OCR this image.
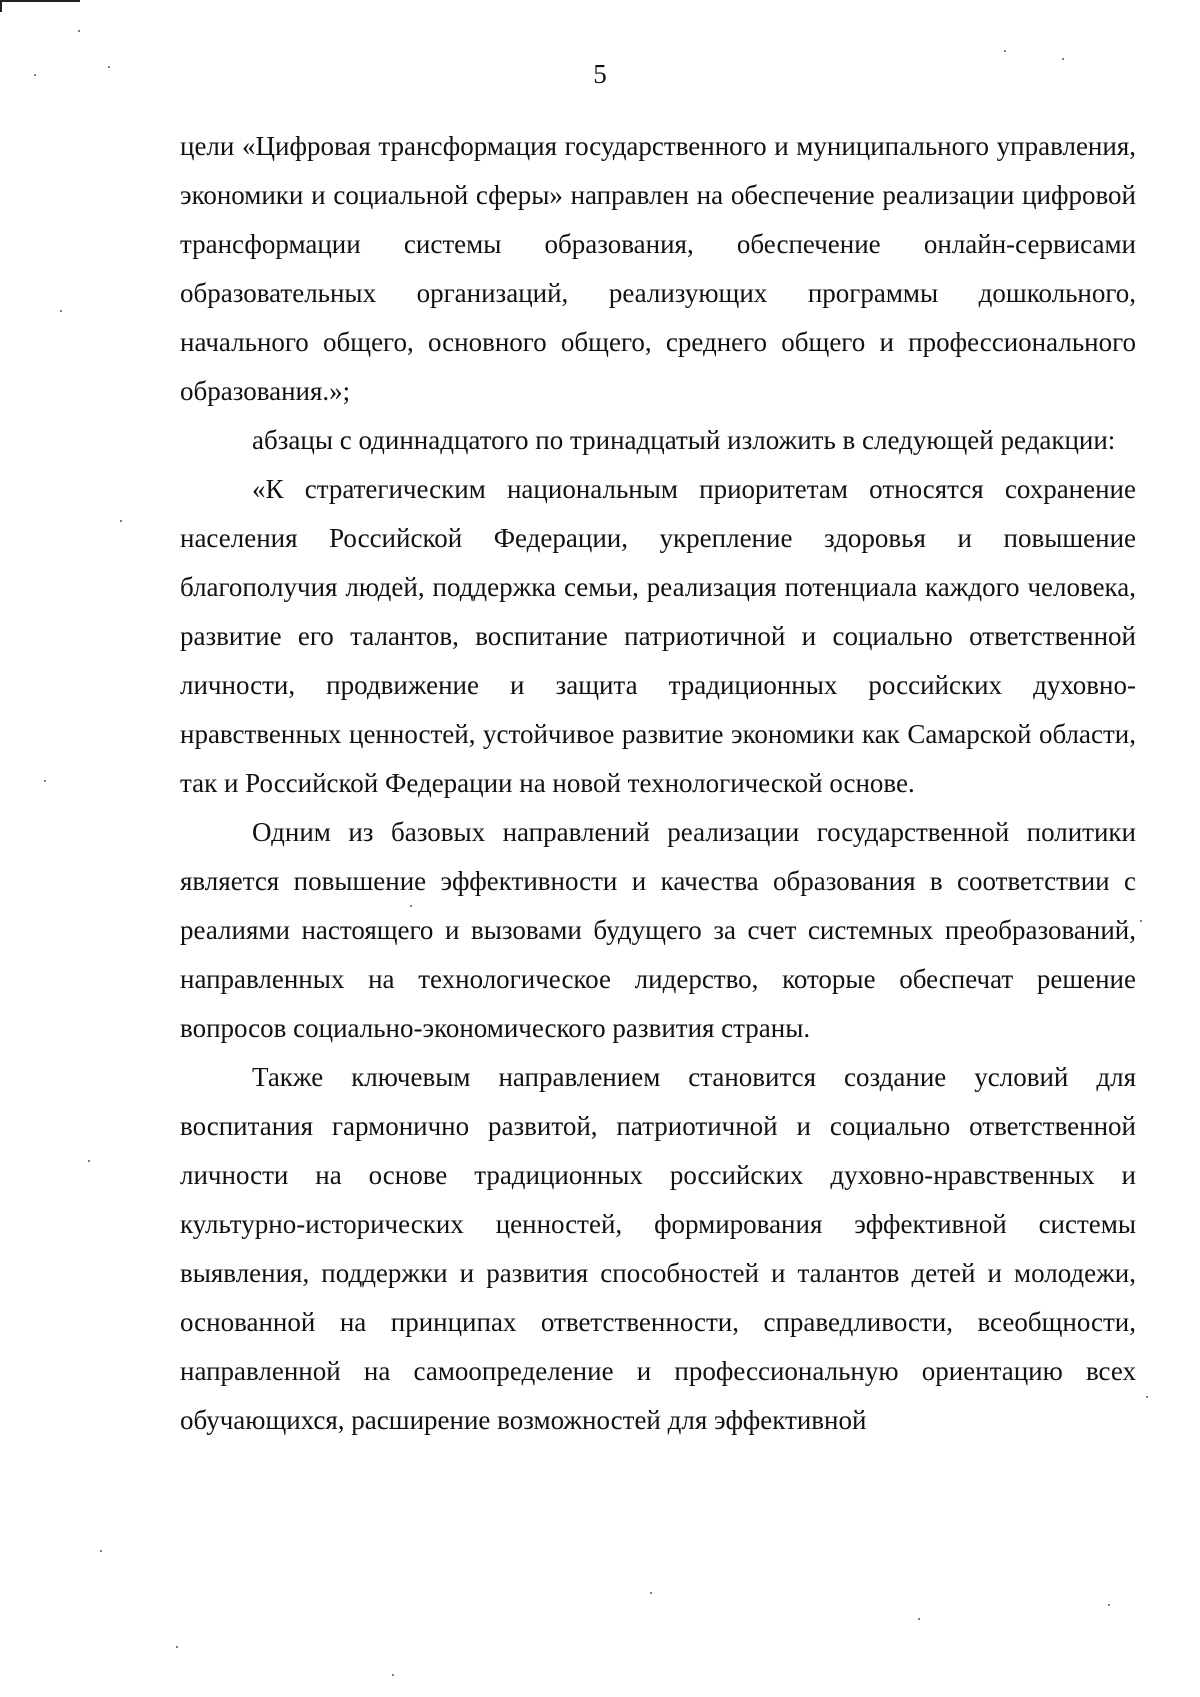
5

цели «Цифровая трансформация государственного и муниципального управления, экономики и социальной сферы» направлен на обеспечение реализации цифровой трансформации системы образования, обеспечение онлайн-сервисами образовательных организаций, реализующих программы дошкольного, начального общего, основного общего, среднего общего и профессионального образования.»;

абзацы с одиннадцатого по тринадцатый изложить в следующей редакции:

«К стратегическим национальным приоритетам относятся сохранение населения Российской Федерации, укрепление здоровья и повышение благополучия людей, поддержка семьи, реализация потенциала каждого человека, развитие его талантов, воспитание патриотичной и социально ответственной личности, продвижение и защита традиционных российских духовно-нравственных ценностей, устойчивое развитие экономики как Самарской области, так и Российской Федерации на новой технологической основе.

Одним из базовых направлений реализации государственной политики является повышение эффективности и качества образования в соответствии с реалиями настоящего и вызовами будущего за счет системных преобразований, направленных на технологическое лидерство, которые обеспечат решение вопросов социально-экономического развития страны.

Также ключевым направлением становится создание условий для воспитания гармонично развитой, патриотичной и социально ответственной личности на основе традиционных российских духовно-нравственных и культурно-исторических ценностей, формирования эффективной системы выявления, поддержки и развития способностей и талантов детей и молодежи, основанной на принципах ответственности, справедливости, всеобщности, направленной на самоопределение и профессиональную ориентацию всех обучающихся, расширение возможностей для эффективной
